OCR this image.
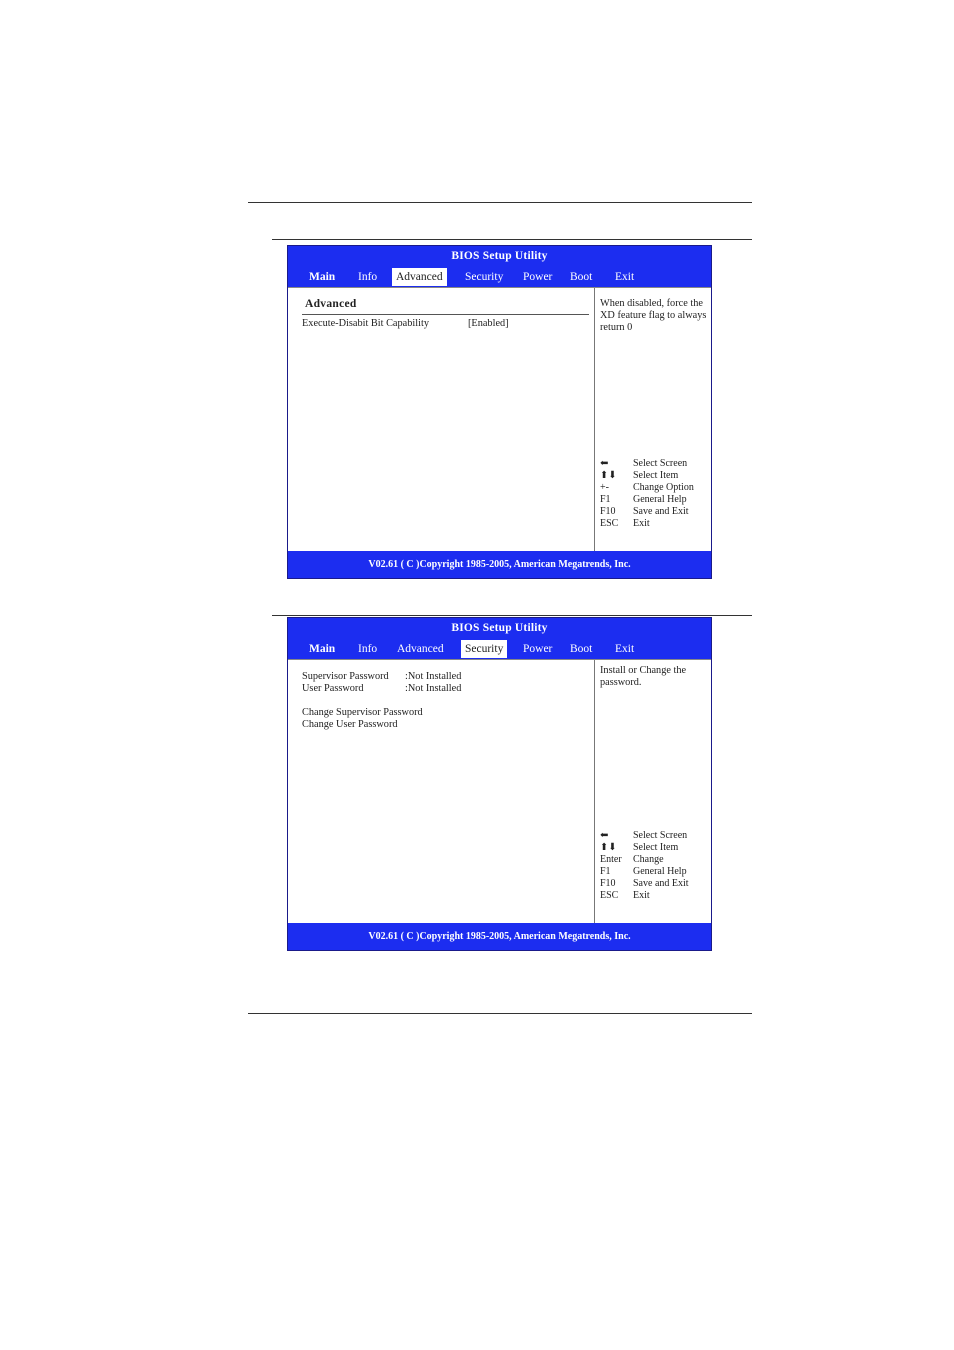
BIOS Setup Utility
Main	Info	Advanced	Security	Power	Boot	Exit
Advanced
Execute-Disabit Bit Capability	[Enabled]
When disabled, force the XD feature flag to always return 0
⬅ Select Screen
⬆⬇ Select Item
+- Change Option
F1 General Help
F10 Save and Exit
ESC Exit
V02.61 ( C )Copyright 1985-2005, American Megatrends, Inc.
BIOS Setup Utility
Main	Info	Advanced	Security	Power	Boot	Exit
Supervisor Password :Not Installed
User Password	:Not Installed
Change Supervisor Password
Change User Password
Install or Change the password.
⬅ Select Screen
⬆⬇ Select Item
Enter Change
F1 General Help
F10 Save and Exit
ESC Exit
V02.61 ( C )Copyright 1985-2005, American Megatrends, Inc.
